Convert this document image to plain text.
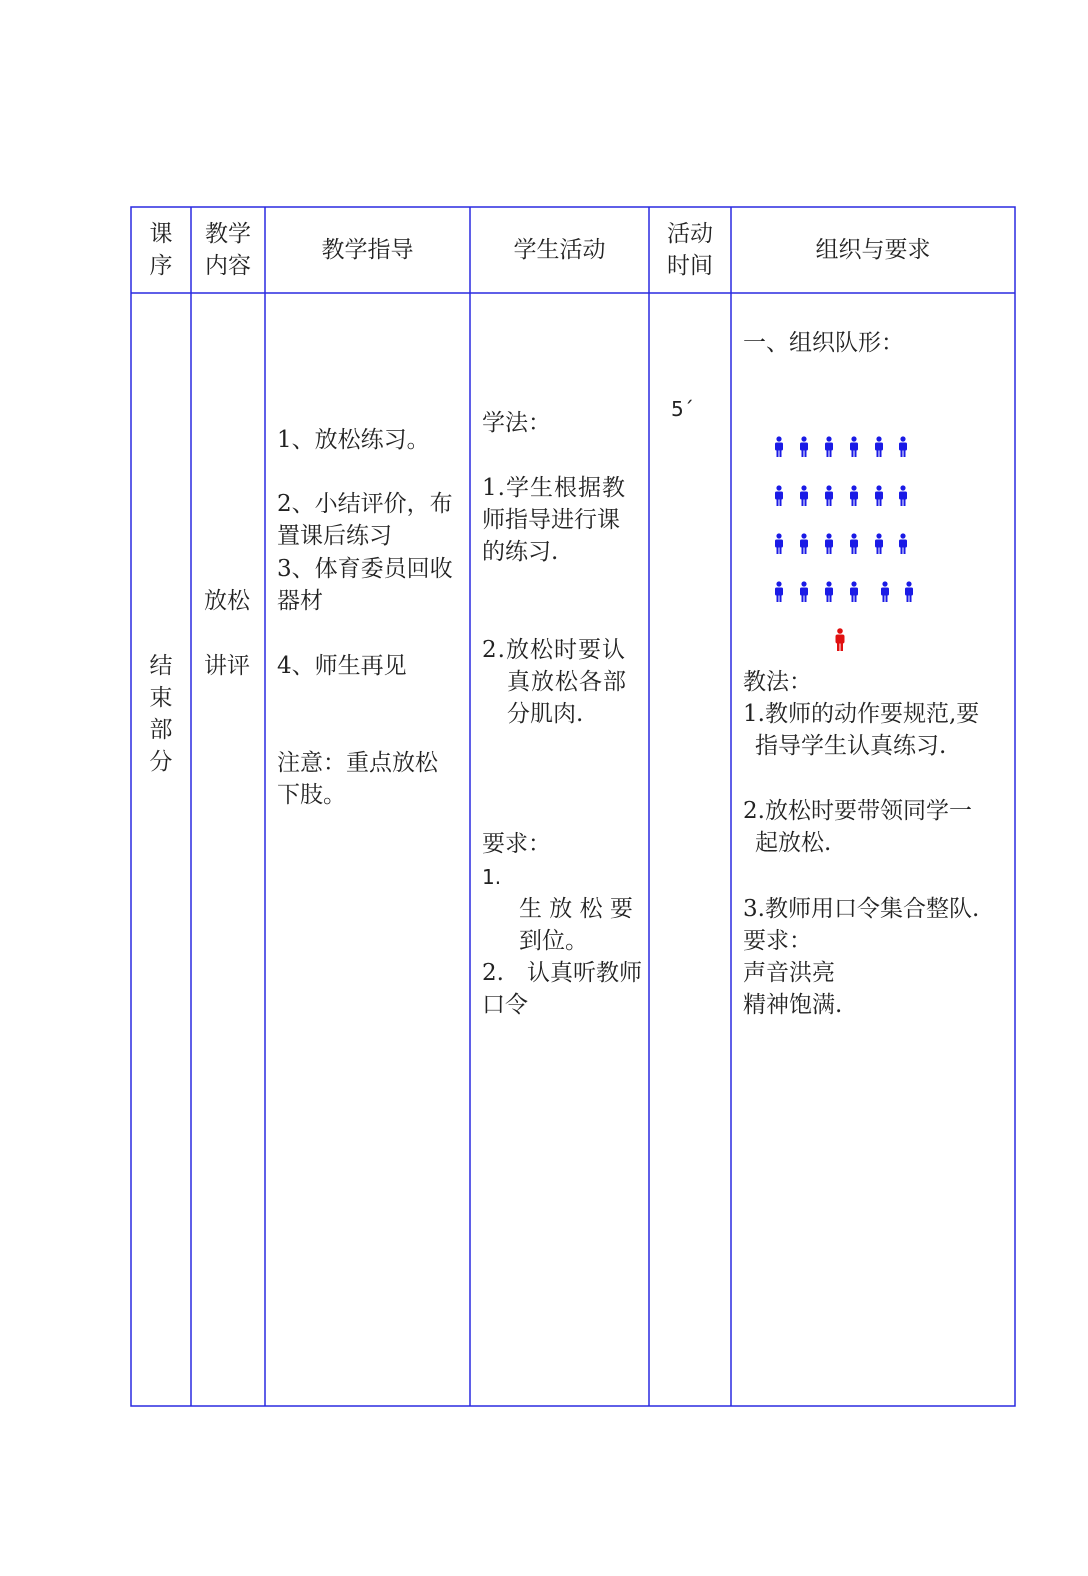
课
序
教学
内容
教学指导	学生活动
活动
时间
组织与要求
结
束
部
分
放松
讲评
1、放松练习。
2、小结评价，布
置课后练习
3、体育委员回收
器材
4、师生再见
注意：重点放松
下肢。
学法：
1.学生根据教
师指导进行课
的练习.
2.放松时要认
真放松各部
分肌肉.
要求：
1.
生 放 松 要
到位。
2.　认真听教师
口令
5´
一、组织队形：
教法：
1.教师的动作要规范,要
指导学生认真练习.
2.放松时要带领同学一
起放松.
3.教师用口令集合整队.
要求：
声音洪亮
精神饱满.
